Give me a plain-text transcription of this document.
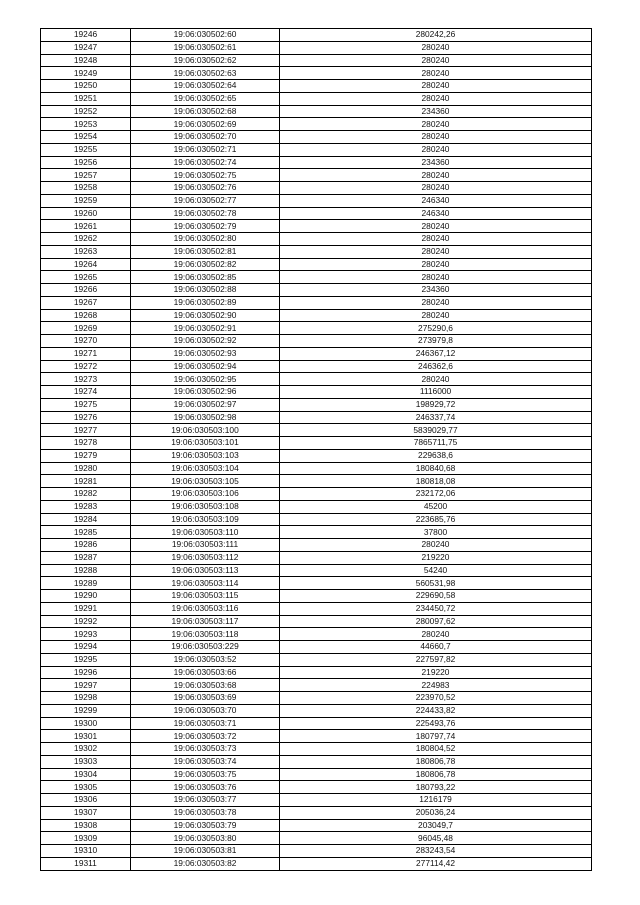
19246	19:06:030502:60	280242,26
19247	19:06:030502:61	280240
19248	19:06:030502:62	280240
19249	19:06:030502:63	280240
19250	19:06:030502:64	280240
19251	19:06:030502:65	280240
19252	19:06:030502:68	234360
19253	19:06:030502:69	280240
19254	19:06:030502:70	280240
19255	19:06:030502:71	280240
19256	19:06:030502:74	234360
19257	19:06:030502:75	280240
19258	19:06:030502:76	280240
19259	19:06:030502:77	246340
19260	19:06:030502:78	246340
19261	19:06:030502:79	280240
19262	19:06:030502:80	280240
19263	19:06:030502:81	280240
19264	19:06:030502:82	280240
19265	19:06:030502:85	280240
19266	19:06:030502:88	234360
19267	19:06:030502:89	280240
19268	19:06:030502:90	280240
19269	19:06:030502:91	275290,6
19270	19:06:030502:92	273979,8
19271	19:06:030502:93	246367,12
19272	19:06:030502:94	246362,6
19273	19:06:030502:95	280240
19274	19:06:030502:96	1116000
19275	19:06:030502:97	198929,72
19276	19:06:030502:98	246337,74
19277	19:06:030503:100	5839029,77
19278	19:06:030503:101	7865711,75
19279	19:06:030503:103	229638,6
19280	19:06:030503:104	180840,68
19281	19:06:030503:105	180818,08
19282	19:06:030503:106	232172,06
19283	19:06:030503:108	45200
19284	19:06:030503:109	223685,76
19285	19:06:030503:110	37800
19286	19:06:030503:111	280240
19287	19:06:030503:112	219220
19288	19:06:030503:113	54240
19289	19:06:030503:114	560531,98
19290	19:06:030503:115	229690,58
19291	19:06:030503:116	234450,72
19292	19:06:030503:117	280097,62
19293	19:06:030503:118	280240
19294	19:06:030503:229	44660,7
19295	19:06:030503:52	227597,82
19296	19:06:030503:66	219220
19297	19:06:030503:68	224983
19298	19:06:030503:69	223970,52
19299	19:06:030503:70	224433,82
19300	19:06:030503:71	225493,76
19301	19:06:030503:72	180797,74
19302	19:06:030503:73	180804,52
19303	19:06:030503:74	180806,78
19304	19:06:030503:75	180806,78
19305	19:06:030503:76	180793,22
19306	19:06:030503:77	1216179
19307	19:06:030503:78	205036,24
19308	19:06:030503:79	203049,7
19309	19:06:030503:80	96045,48
19310	19:06:030503:81	283243,54
19311	19:06:030503:82	277114,42
